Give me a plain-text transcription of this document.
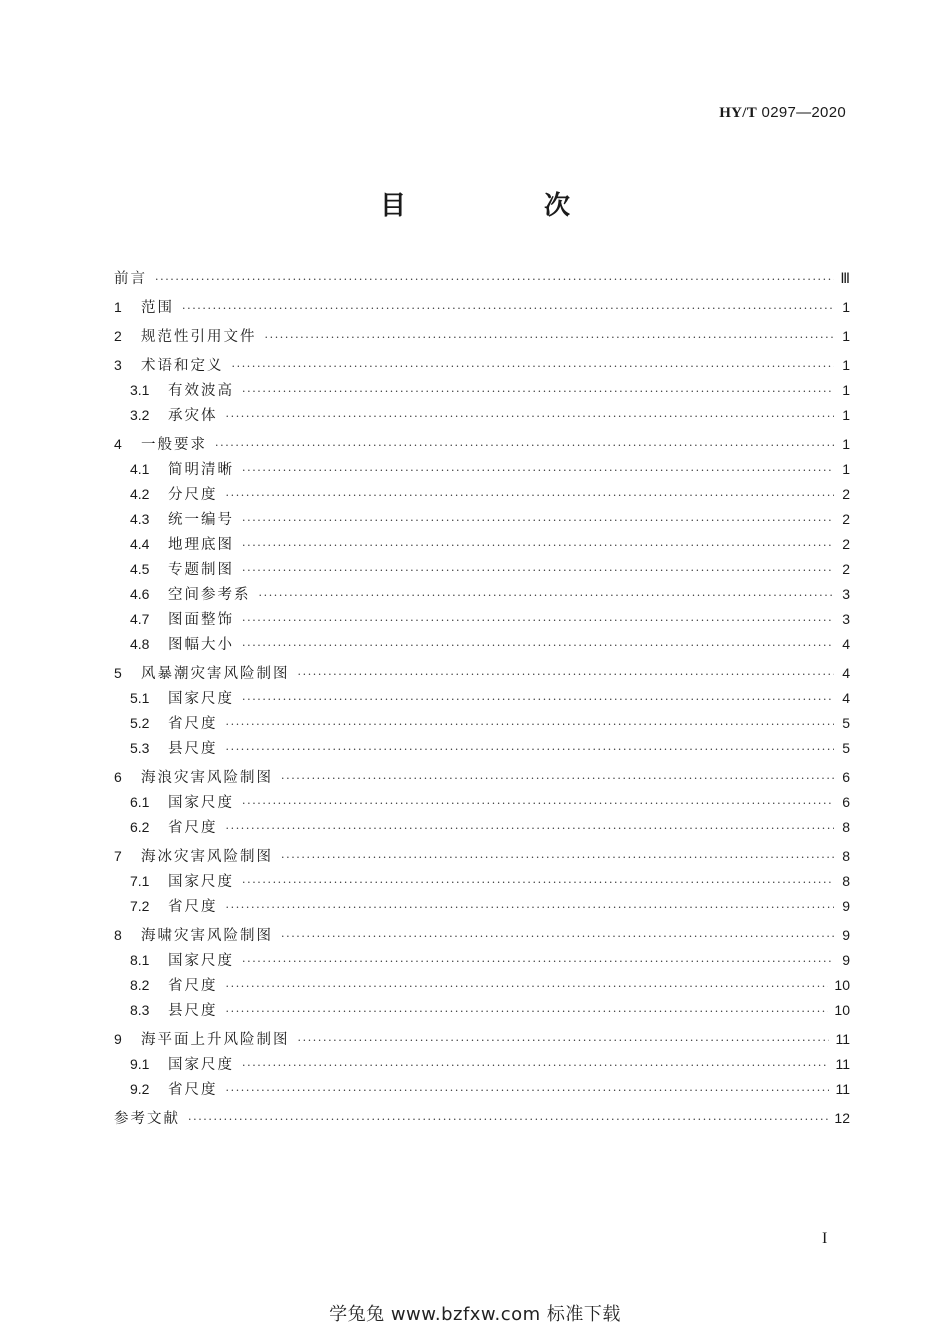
HY/T 0297—2020
目　次
前言 ·····	Ⅲ
1	范围 ·····	1
2	规范性引用文件 ·····	1
3	术语和定义 ·····	1
3.1	有效波高 ·····	1
3.2	承灾体 ·····	1
4	一般要求 ·····	1
4.1	简明清晰 ·····	1
4.2	分尺度 ·····	2
4.3	统一编号 ·····	2
4.4	地理底图 ·····	2
4.5	专题制图 ·····	2
4.6	空间参考系 ·····	3
4.7	图面整饰 ·····	3
4.8	图幅大小 ·····	4
5	风暴潮灾害风险制图 ·····	4
5.1	国家尺度 ·····	4
5.2	省尺度 ·····	5
5.3	县尺度 ·····	5
6	海浪灾害风险制图 ·····	6
6.1	国家尺度 ·····	6
6.2	省尺度 ·····	8
7	海冰灾害风险制图 ·····	8
7.1	国家尺度 ·····	8
7.2	省尺度 ·····	9
8	海啸灾害风险制图 ·····	9
8.1	国家尺度 ·····	9
8.2	省尺度 ·····	10
8.3	县尺度 ·····	10
9	海平面上升风险制图 ·····	11
9.1	国家尺度 ·····	11
9.2	省尺度 ·····	11
参考文献 ·····	12
I
学兔兔 www.bzfxw.com 标准下载
